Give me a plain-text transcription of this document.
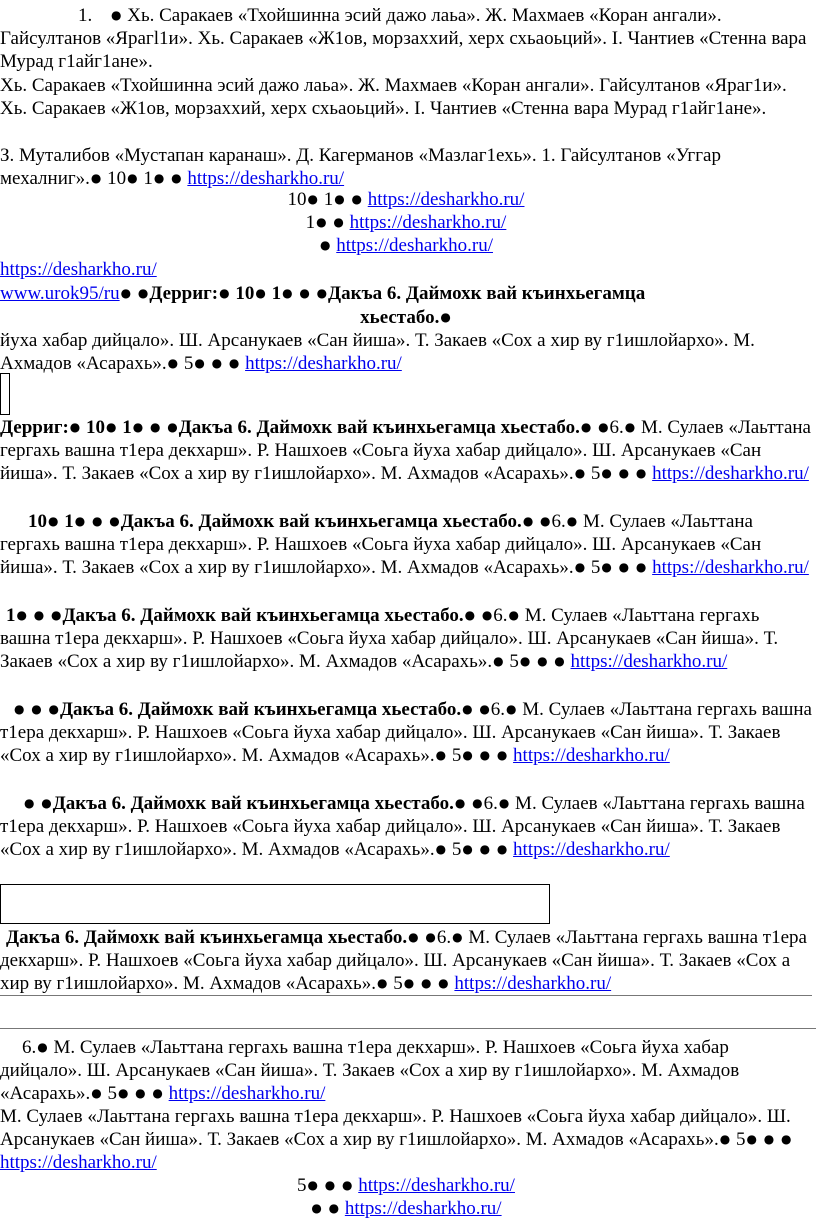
1. ● Хь. Саракаев «Тхойшинна эсий дажо лаьа». Ж. Махмаев «Коран ангали». Гайсултанов «Ярагl1и». Хь. Саракаев «Ж1ов, морзаххий, херх схьаоьций». I. Чантиев «Стенна вара Мурад г1айг1ане».

Хь. Саракаев «Тхойшинна эсий дажо лаьа». Ж. Махмаев «Коран ангали». Гайсултанов «Яраг1и». Хь. Саракаев «Ж1ов, морзаххий, херх схьаоьций». I. Чантиев «Стенна вара Мурад г1айг1ане».

З. Муталибов «Мустапан каранаш». Д. Кагерманов «Мазлаг1ехь». 1. Гайсултанов «Уггар мехалниг».● 10● 1● ● https://desharkho.ru/

10● 1● ● https://desharkho.ru/

1● ● https://desharkho.ru/

● https://desharkho.ru/

https://desharkho.ru/

www.urok95/ru● ●Дерриг:● 10● 1● ● ●Дакъа 6. Даймохк вай къинхьегамца

хьестабо.●

йуха хабар дийцало». Ш. Арсанукаев «Сан йиша». Т. Закаев «Сох а хир ву г1ишлойархо». М. Ахмадов «Асарахь».● 5● ● ● https://desharkho.ru/

Дерриг:● 10● 1● ● ●Дакъа 6. Даймохк вай къинхьегамца хьестабо.● ●6.● М. Сулаев «Лаьттана гергахь вашна т1ера декхарш». Р. Нашхоев «Соьга йуха хабар дийцало». Ш. Арсанукаев «Сан йиша». Т. Закаев «Сох а хир ву г1ишлойархо». М. Ахмадов «Асарахь».● 5● ● ● https://desharkho.ru/

10● 1● ● ●Дакъа 6. Даймохк вай къинхьегамца хьестабо.● ●6.● М. Сулаев «Лаьттана гергахь вашна т1ера декхарш». Р. Нашхоев «Соьга йуха хабар дийцало». Ш. Арсанукаев «Сан йиша». Т. Закаев «Сох а хир ву г1ишлойархо». М. Ахмадов «Асарахь».● 5● ● ● https://desharkho.ru/

1● ● ●Дакъа 6. Даймохк вай къинхьегамца хьестабо.● ●6.● М. Сулаев «Лаьттана гергахь вашна т1ера декхарш». Р. Нашхоев «Соьга йуха хабар дийцало». Ш. Арсанукаев «Сан йиша». Т. Закаев «Сох а хир ву г1ишлойархо». М. Ахмадов «Асарахь».● 5● ● ● https://desharkho.ru/

● ● ●Дакъа 6. Даймохк вай къинхьегамца хьестабо.● ●6.● М. Сулаев «Лаьттана гергахь вашна т1ера декхарш». Р. Нашхоев «Соьга йуха хабар дийцало». Ш. Арсанукаев «Сан йиша». Т. Закаев «Сох а хир ву г1ишлойархо». М. Ахмадов «Асарахь».● 5● ● ● https://desharkho.ru/

● ●Дакъа 6. Даймохк вай къинхьегамца хьестабо.● ●6.● М. Сулаев «Лаьттана гергахь вашна т1ера декхарш». Р. Нашхоев «Соьга йуха хабар дийцало». Ш. Арсанукаев «Сан йиша». Т. Закаев «Сох а хир ву г1ишлойархо». М. Ахмадов «Асарахь».● 5● ● ● https://desharkho.ru/

Дакъа 6. Даймохк вай къинхьегамца хьестабо.● ●6.● М. Сулаев «Лаьттана гергахь вашна т1ера декхарш». Р. Нашхоев «Соьга йуха хабар дийцало». Ш. Арсанукаев «Сан йиша». Т. Закаев «Сох а хир ву г1ишлойархо». М. Ахмадов «Асарахь».● 5● ● ● https://desharkho.ru/

6.● М. Сулаев «Лаьттана гергахь вашна т1ера декхарш». Р. Нашхоев «Соьга йуха хабар дийцало». Ш. Арсанукаев «Сан йиша». Т. Закаев «Сох а хир ву г1ишлойархо». М. Ахмадов «Асарахь».● 5● ● ● https://desharkho.ru/

М. Сулаев «Лаьттана гергахь вашна т1ера декхарш». Р. Нашхоев «Соьга йуха хабар дийцало». Ш. Арсанукаев «Сан йиша». Т. Закаев «Сох а хир ву г1ишлойархо». М. Ахмадов «Асарахь».● 5● ● ● https://desharkho.ru/

5● ● ● https://desharkho.ru/

● ● https://desharkho.ru/
